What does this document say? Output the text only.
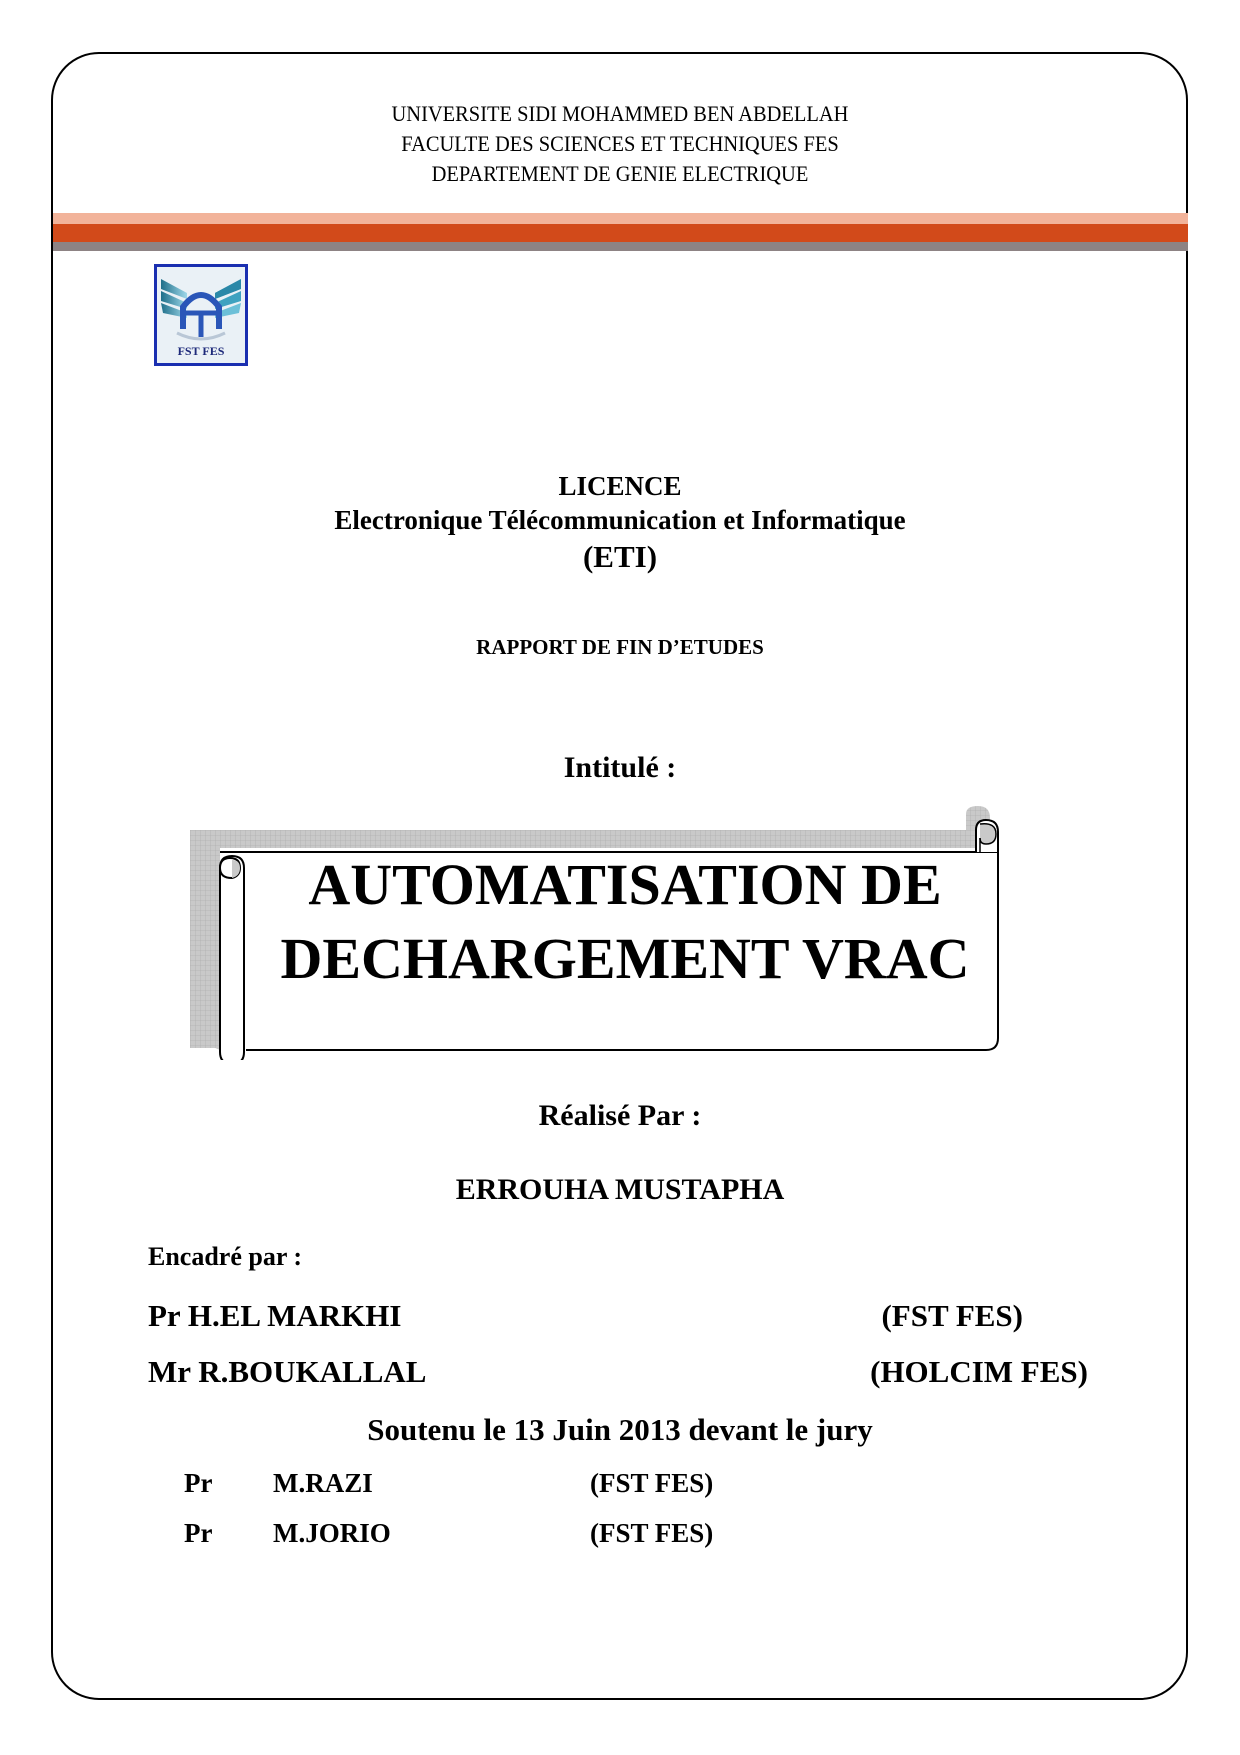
UNIVERSITE SIDI MOHAMMED BEN ABDELLAH
FACULTE DES SCIENCES ET TECHNIQUES FES
DEPARTEMENT DE GENIE ELECTRIQUE
FST FES
LICENCE
Electronique Télécommunication et Informatique
(ETI)
RAPPORT DE FIN D’ETUDES
Intitulé :
AUTOMATISATION DE
DECHARGEMENT VRAC
Réalisé Par :
ERROUHA MUSTAPHA
Encadré par :
Pr H.EL MARKHI	(FST FES)
Mr R.BOUKALLAL	(HOLCIM FES)
Soutenu le 13 Juin 2013 devant le jury
Pr M.RAZI	(FST FES)
Pr M.JORIO	(FST FES)
